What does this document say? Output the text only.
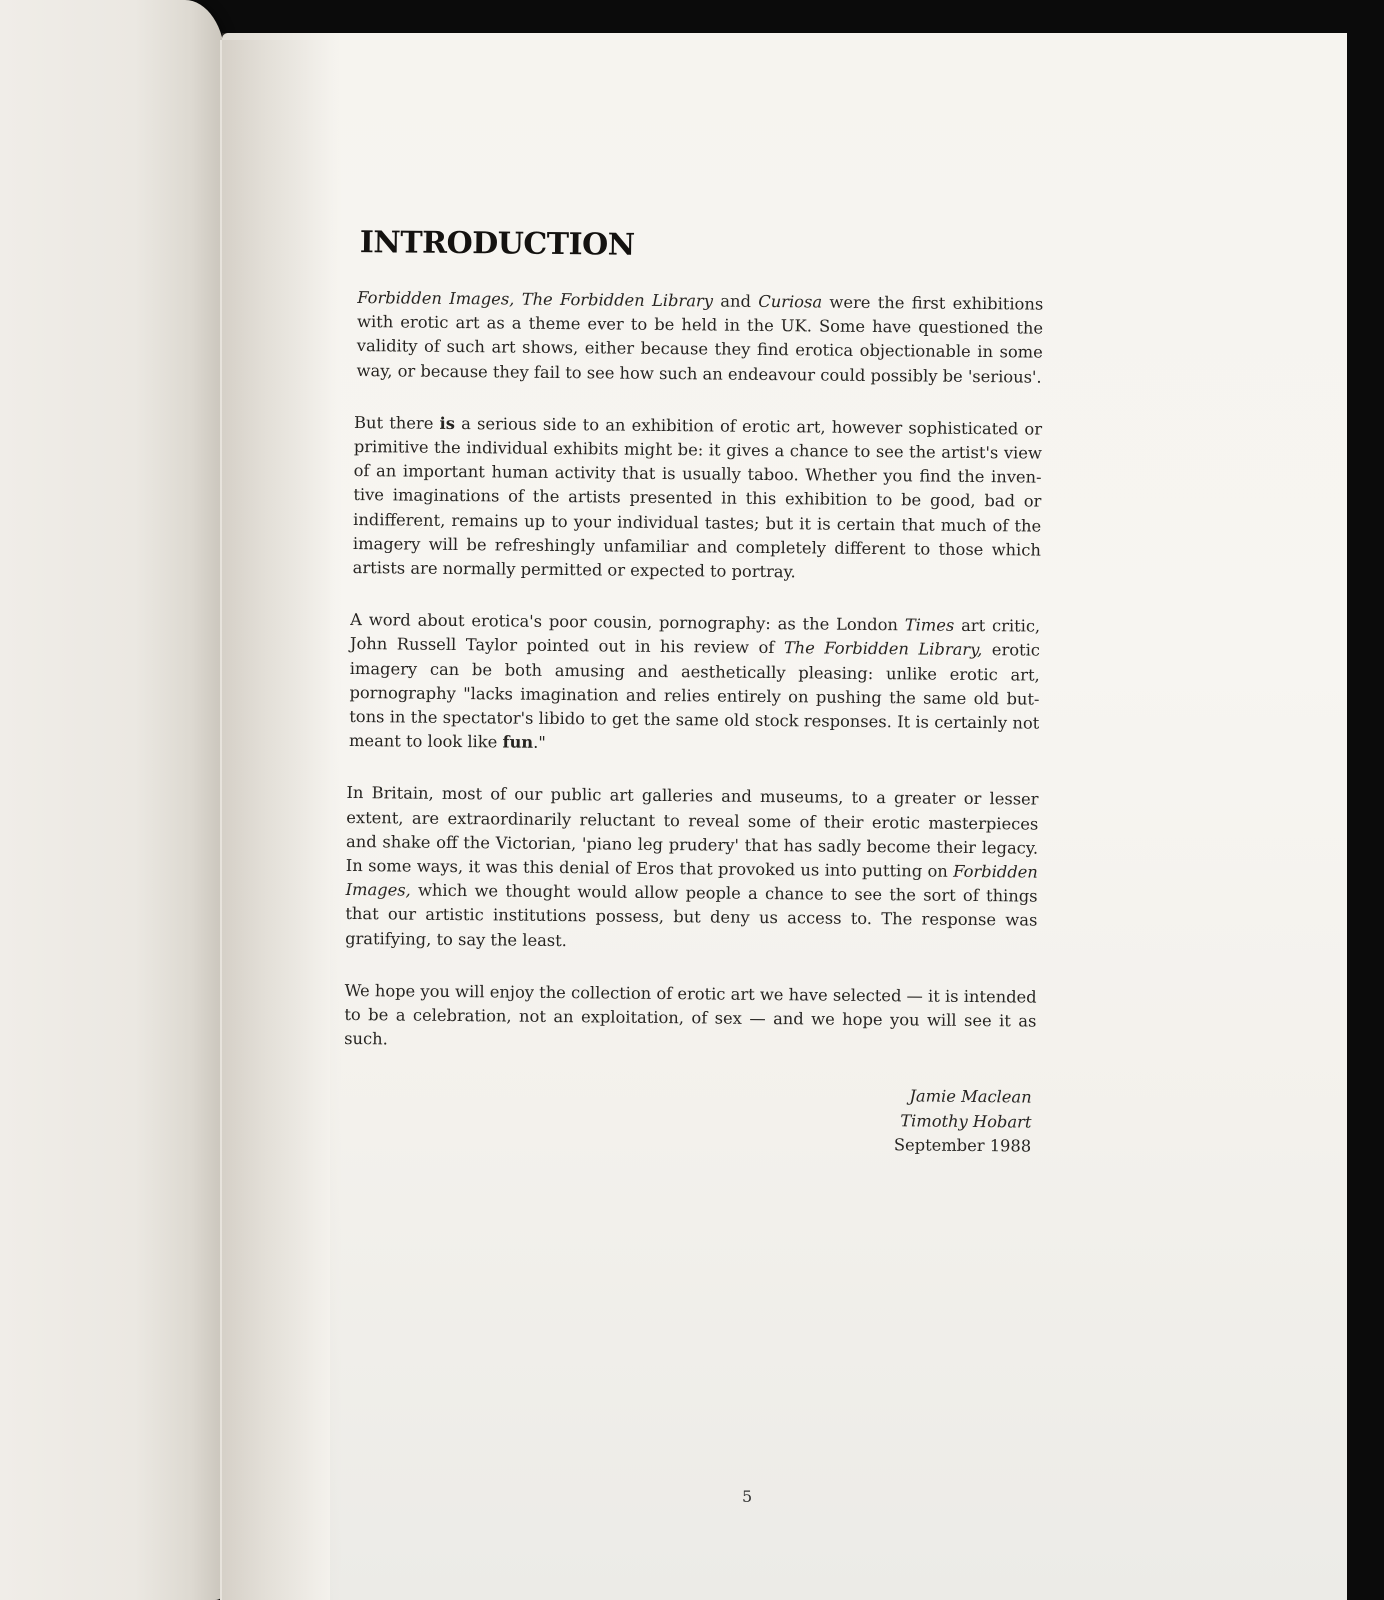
INTRODUCTION

Forbidden Images, The Forbidden Library and Curiosa were the first exhibitions with erotic art as a theme ever to be held in the UK. Some have questioned the validity of such art shows, either because they find erotica objectionable in some way, or because they fail to see how such an endeavour could possibly be 'serious'.

But there is a serious side to an exhibition of erotic art, however sophisticated or primitive the individual exhibits might be: it gives a chance to see the artist's view of an important human activity that is usually taboo. Whether you find the inventive imaginations of the artists presented in this exhibition to be good, bad or indifferent, remains up to your individual tastes; but it is certain that much of the imagery will be refreshingly unfamiliar and completely different to those which artists are normally permitted or expected to portray.

A word about erotica's poor cousin, pornography: as the London Times art critic, John Russell Taylor pointed out in his review of The Forbidden Library, erotic imagery can be both amusing and aesthetically pleasing: unlike erotic art, pornography "lacks imagination and relies entirely on pushing the same old buttons in the spectator's libido to get the same old stock responses. It is certainly not meant to look like fun."

In Britain, most of our public art galleries and museums, to a greater or lesser extent, are extraordinarily reluctant to reveal some of their erotic masterpieces and shake off the Victorian, 'piano leg prudery' that has sadly become their legacy. In some ways, it was this denial of Eros that provoked us into putting on Forbidden Images, which we thought would allow people a chance to see the sort of things that our artistic institutions possess, but deny us access to. The response was gratifying, to say the least.

We hope you will enjoy the collection of erotic art we have selected — it is intended to be a celebration, not an exploitation, of sex — and we hope you will see it as such.

Jamie Maclean
Timothy Hobart
September 1988
5
